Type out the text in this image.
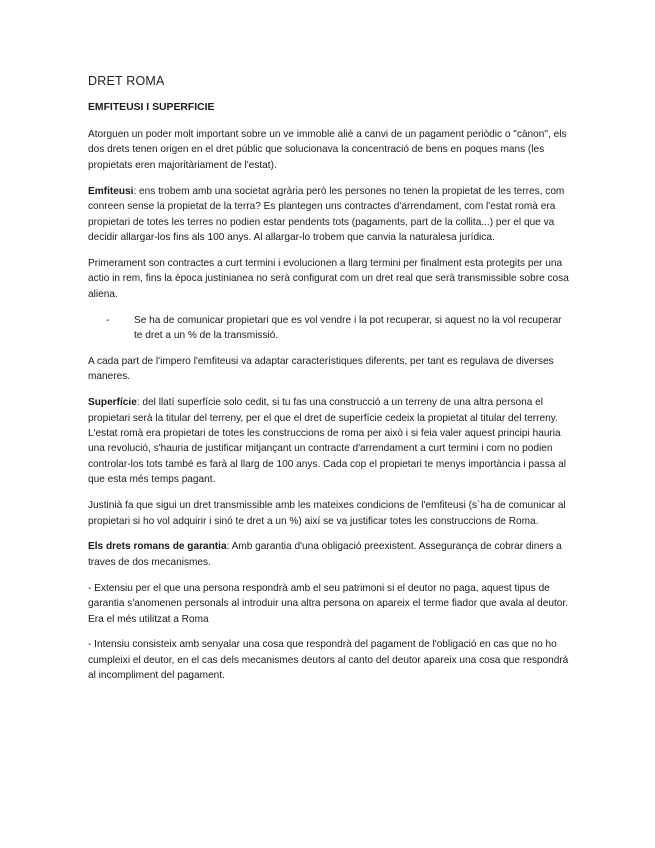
DRET ROMA
EMFITEUSI I SUPERFICIE

Atorguen un poder molt important sobre un ve immoble aliè a canvi de un pagament periòdic o "cànon", els dos drets tenen origen en el dret públic que solucionava la concentració de bens en poques mans (les propietats eren majoritàriament de l'estat).

Emfiteusi: ens trobem amb una societat agrària però les persones no tenen la propietat de les terres, com conreen sense la propietat de la terra? Es plantegen uns contractes d'arrendament, com l'estat romà era propietari de totes les terres no podien estar pendents tots (pagaments, part de la collita...) per el que va decidir allargar-los fins als 100 anys. Al allargar-lo trobem que canvia la naturalesa jurídica.

Primerament son contractes a curt termini i evolucionen a llarg termini per finalment esta protegits per una actio in rem, fins la època justinianea no serà configurat com un dret real que serà transmissible sobre cosa aliena.

-	Se ha de comunicar propietari que es vol vendre i la pot recuperar, si aquest no la vol recuperar te dret a un % de la transmissió.

A cada part de l'impero l'emfiteusi va adaptar característiques diferents, per tant es regulava de diverses maneres.

Superfície: del llatí superfície solo cedit, si tu fas una construcció a un terreny de una altra persona el propietari serà la titular del terreny, per el que el dret de superfície cedeix la propietat al titular del terreny. L'estat romà era propietari de totes les construccions de roma per això i si feia valer aquest principi hauria una revolució, s'hauria de justificar mitjançant un contracte d'arrendament a curt termini i com no podien controlar-los tots també es farà al llarg de 100 anys. Cada cop el propietari te menys importància i passa al que esta més temps pagant.

Justinià fa que sigui un dret transmissible amb les mateixes condicions de l'emfiteusi (s`ha de comunicar al propietari si ho vol adquirir i sinó te dret a un %) així se va justificar totes les construccions de Roma.

Els drets romans de garantia: Amb garantia d'una obligació preexistent. Assegurança de cobrar diners a traves de dos mecanismes.

- Extensiu per el que una persona respondrà amb el seu patrimoni si el deutor no paga, aquest tipus de garantia s'anomenen personals al introduir una altra persona on apareix el terme fiador que avala al deutor. Era el més utilitzat a Roma

- Intensiu consisteix amb senyalar una cosa que respondrà del pagament de l'obligació en cas que no ho cumpleixi el deutor, en el cas dels mecanismes deutors al canto del deutor apareix una cosa que respondrà al incompliment del pagament.
